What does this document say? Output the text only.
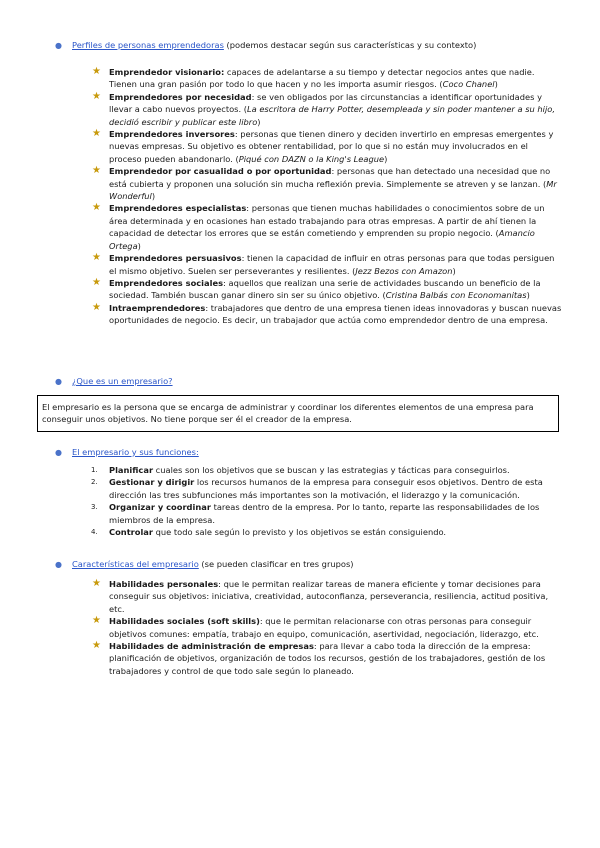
● Perfiles de personas emprendedoras (podemos destacar según sus características y su contexto)
★ Emprendedor visionario: capaces de adelantarse a su tiempo y detectar negocios antes que nadie. Tienen una gran pasión por todo lo que hacen y no les importa asumir riesgos. (Coco Chanel)
★ Emprendedores por necesidad: se ven obligados por las circunstancias a identificar oportunidades y llevar a cabo nuevos proyectos. (La escritora de Harry Potter, desempleada y sin poder mantener a su hijo, decidió escribir y publicar este libro)
★ Emprendedores inversores: personas que tienen dinero y deciden invertirlo en empresas emergentes y nuevas empresas. Su objetivo es obtener rentabilidad, por lo que si no están muy involucrados en el proceso pueden abandonarlo. (Piqué con DAZN o la King's League)
★ Emprendedor por casualidad o por oportunidad: personas que han detectado una necesidad que no está cubierta y proponen una solución sin mucha reflexión previa. Simplemente se atreven y se lanzan. (Mr Wonderful)
★ Emprendedores especialistas: personas que tienen muchas habilidades o conocimientos sobre de un área determinada y en ocasiones han estado trabajando para otras empresas. A partir de ahí tienen la capacidad de detectar los errores que se están cometiendo y emprenden su propio negocio. (Amancio Ortega)
★ Emprendedores persuasivos: tienen la capacidad de influir en otras personas para que todas persiguen el mismo objetivo. Suelen ser perseverantes y resilientes. (Jezz Bezos con Amazon)
★ Emprendedores sociales: aquellos que realizan una serie de actividades buscando un beneficio de la sociedad. También buscan ganar dinero sin ser su único objetivo. (Cristina Balbás con Economanitas)
★ Intraemprendedores: trabajadores que dentro de una empresa tienen ideas innovadoras y buscan nuevas oportunidades de negocio. Es decir, un trabajador que actúa como emprendedor dentro de una empresa.
● ¿Que es un empresario?
El empresario es la persona que se encarga de administrar y coordinar los diferentes elementos de una empresa para conseguir unos objetivos. No tiene porque ser él el creador de la empresa.
● El empresario y sus funciones:
1. Planificar cuales son los objetivos que se buscan y las estrategias y tácticas para conseguirlos.
2. Gestionar y dirigir los recursos humanos de la empresa para conseguir esos objetivos. Dentro de esta dirección las tres subfunciones más importantes son la motivación, el liderazgo y la comunicación.
3. Organizar y coordinar tareas dentro de la empresa. Por lo tanto, reparte las responsabilidades de los miembros de la empresa.
4. Controlar que todo sale según lo previsto y los objetivos se están consiguiendo.
● Características del empresario (se pueden clasificar en tres grupos)
★ Habilidades personales: que le permitan realizar tareas de manera eficiente y tomar decisiones para conseguir sus objetivos: iniciativa, creatividad, autoconfianza, perseverancia, resiliencia, actitud positiva, etc.
★ Habilidades sociales (soft skills): que le permitan relacionarse con otras personas para conseguir objetivos comunes: empatía, trabajo en equipo, comunicación, asertividad, negociación, liderazgo, etc.
★ Habilidades de administración de empresas: para llevar a cabo toda la dirección de la empresa: planificación de objetivos, organización de todos los recursos, gestión de los trabajadores, gestión de los trabajadores y control de que todo sale según lo planeado.
